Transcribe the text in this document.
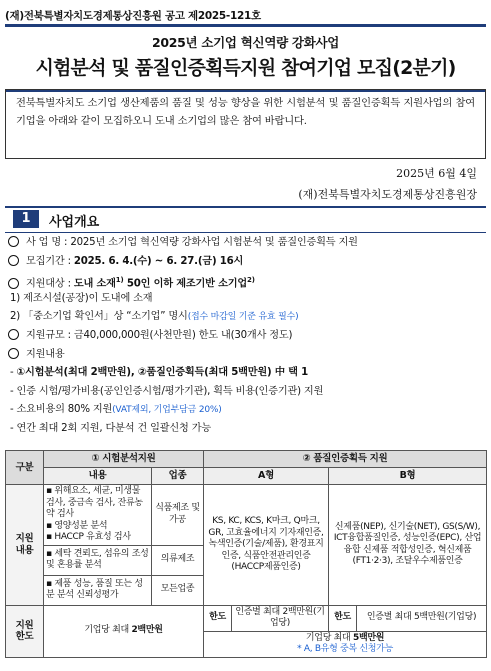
(재)전북특별자치도경제통상진흥원 공고 제2025-121호
2025년 소기업 혁신역량 강화사업
시험분석 및 품질인증획득지원 참여기업 모집(2분기)
전북특별자치도 소기업 생산제품의 품질 및 성능 향상을 위한 시험분석 및 품질인증획득 지원사업의 참여기업을 아래와 같이 모집하오니 도내 소기업의 많은 참여 바랍니다.
2025년 6월 4일
(재)전북특별자치도경제통상진흥원장
1	사업개요
사 업 명 : 2025년 소기업 혁신역량 강화사업 시험분석 및 품질인증획득 지원
모집기간 : 2025. 6. 4.(수) ~ 6. 27.(금) 16시
지원대상 : 도내 소재$^{1)}$ 50인 이하 제조기반 소기업$^{2)}$
1) 제조시설(공장)이 도내에 소재
2) 「중소기업 확인서」상 “소기업” 명시(접수 마감일 기준 유효 필수)
지원규모 : 금40,000,000원(사천만원) 한도 내(30개사 정도)
지원내용
- ①시험분석(최대 2백만원), ②품질인증획득(최대 5백만원) 中 택 1
- 인증 시험/평가비용(공인인증시험/평가기관), 획득 비용(인증기관) 지원
- 소요비용의 80% 지원(VAT제외, 기업부담금 20%)
- 연간 최대 2회 지원, 다분석 건 일괄신청 가능
구분	① 시험분석지원		② 품질인증획득 지원			
	내용	업종	A형		B형	
지원
내용	▪ 위해요소, 세균, 미생물 검사, 중금속 검사, 잔류농약 검사
▪ 영양성분 분석
▪ HACCP 유효성 검사	식품제조 및 가공	KS, KC, KCS, K마크, Q마크, GR, 고효율에너지 기자재인증, 녹색인증(기술/제품), 환경표지인증, 식품안전관리인증 (HACCP제품인증)		신제품(NEP), 신기술(NET), GS(S/W), ICT융합품질인증, 성능인증(EPC), 산업융합 신제품 적합성인증, 혁신제품(FT1·2·3), 조달우수제품인증	
	▪ 세탁 견뢰도, 섬유의 조성 및 혼용률 분석	의류제조				
	▪ 제품 성능, 품질 또는 성분 분석 신뢰성평가	모든업종				
지원
한도	기업당 최대 2백만원		한도	인증별 최대 2백만원(기업당)	한도	인증별 최대 5백만원(기업당)
			기업당 최대 5백만원
* A, B유형 중복 신청가능			
